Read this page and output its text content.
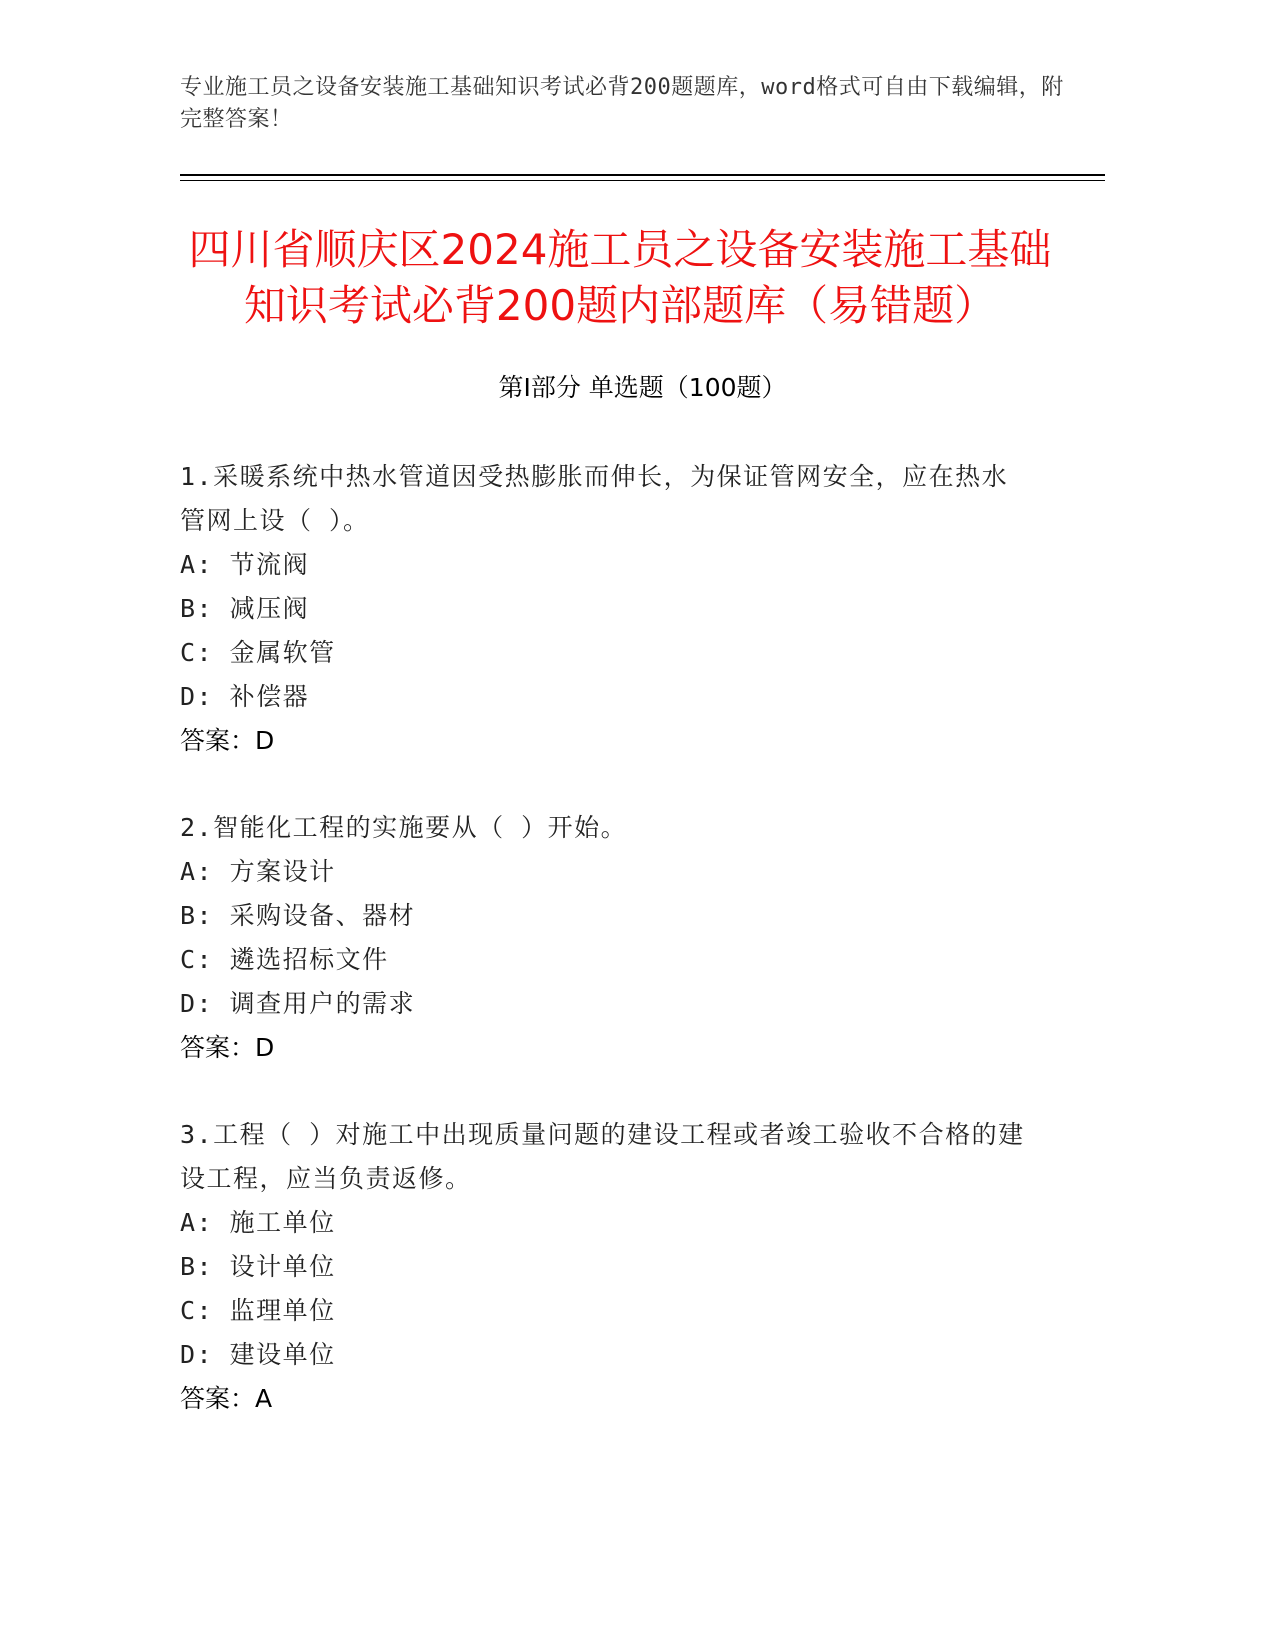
专业施工员之设备安装施工基础知识考试必背200题题库，word格式可自由下载编辑，附完整答案！
四川省顺庆区2024施工员之设备安装施工基础知识考试必背200题内部题库（易错题）
第I部分 单选题（100题）
1.采暖系统中热水管道因受热膨胀而伸长，为保证管网安全，应在热水管网上设（ ）。
A: 节流阀
B: 减压阀
C: 金属软管
D: 补偿器
答案：D
2.智能化工程的实施要从（ ）开始。
A: 方案设计
B: 采购设备、器材
C: 遴选招标文件
D: 调查用户的需求
答案：D
3.工程（ ）对施工中出现质量问题的建设工程或者竣工验收不合格的建设工程，应当负责返修。
A: 施工单位
B: 设计单位
C: 监理单位
D: 建设单位
答案：A
